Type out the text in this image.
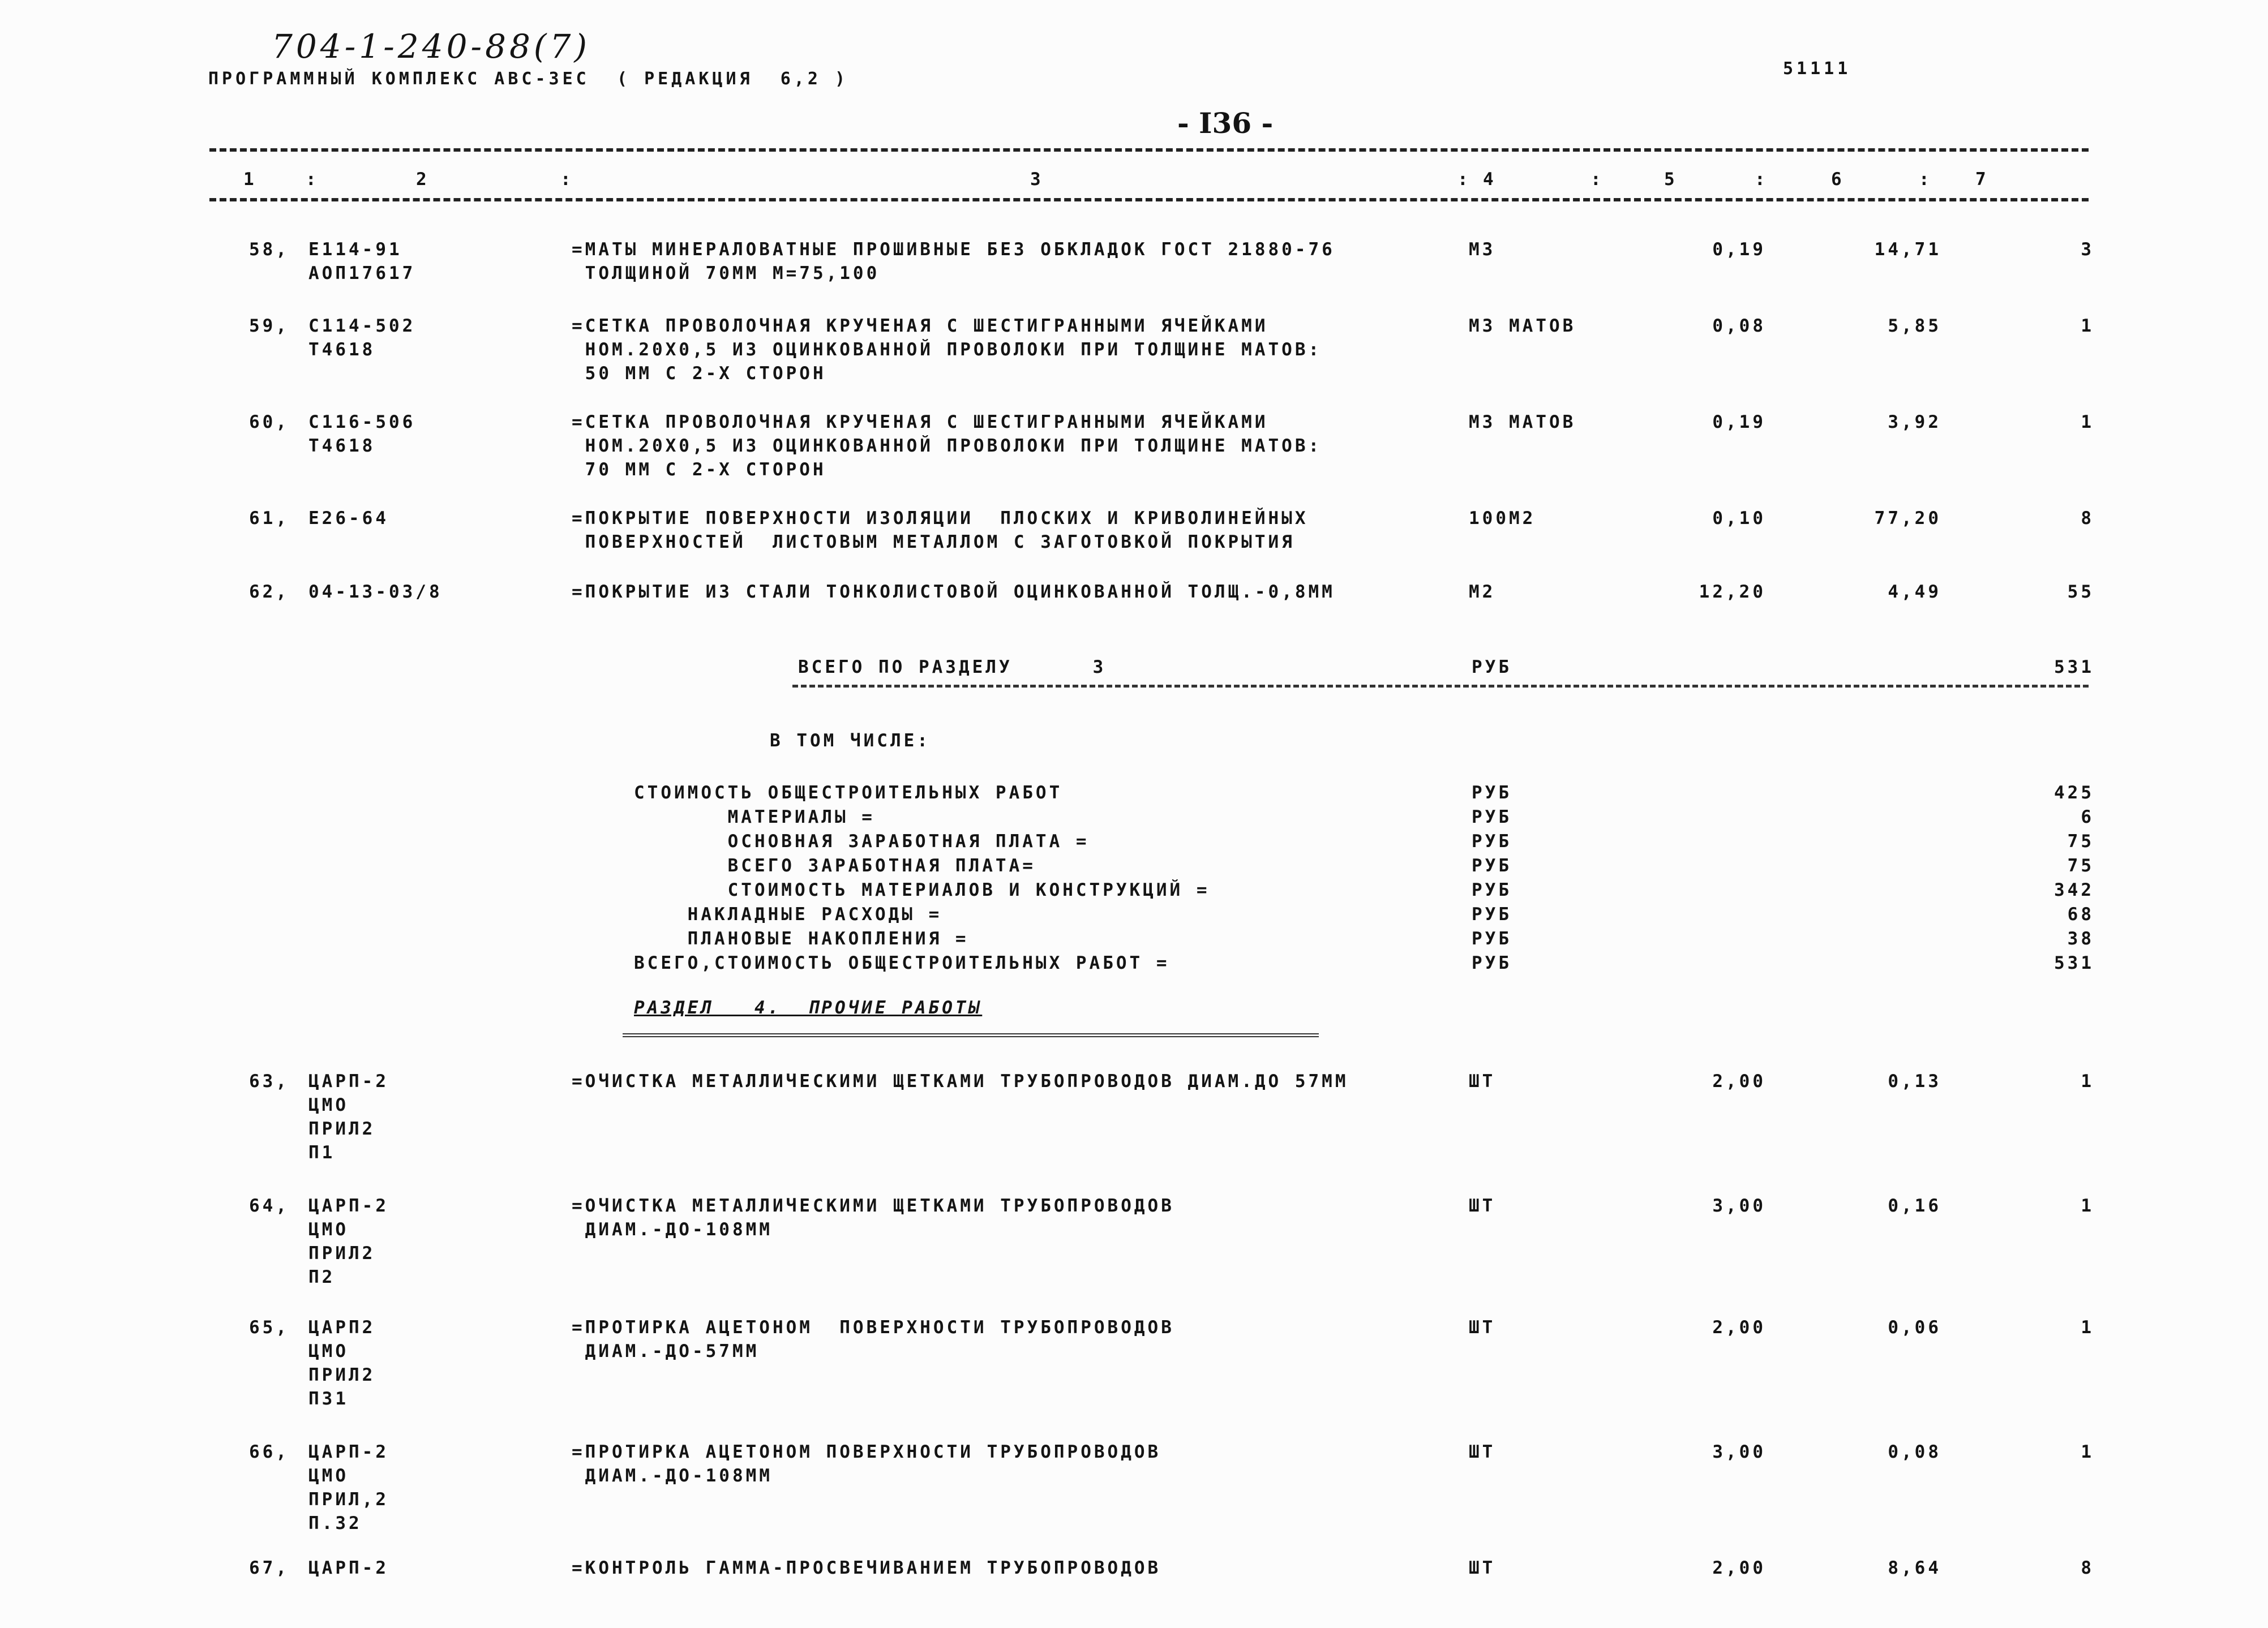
704-1-240-88(7)
ПРОГРАММНЫЙ КОМПЛЕКС АВС-ЗЕС ( РЕДАКЦИЯ  6,2 )
51111
- I36 -
1	2	3	4	5	6	7
:	:	:	:	:	:
58, Е114-91
АОП17617
=МАТЫ МИНЕРАЛОВАТНЫЕ ПРОШИВНЫЕ БЕЗ ОБКЛАДОК ГОСТ 21880-76
ТОЛЩИНОЙ 70ММ М=75,100
М3	0,19	14,71	3
59, С114-502
Т4618
=СЕТКА ПРОВОЛОЧНАЯ КРУЧЕНАЯ С ШЕСТИГРАННЫМИ ЯЧЕЙКАМИ
НОМ.20Х0,5 ИЗ ОЦИНКОВАННОЙ ПРОВОЛОКИ ПРИ ТОЛЩИНЕ МАТОВ:
50 ММ С 2-Х СТОРОН
М3 МАТОВ	0,08	5,85	1
60, С116-506
Т4618
=СЕТКА ПРОВОЛОЧНАЯ КРУЧЕНАЯ С ШЕСТИГРАННЫМИ ЯЧЕЙКАМИ
НОМ.20Х0,5 ИЗ ОЦИНКОВАННОЙ ПРОВОЛОКИ ПРИ ТОЛЩИНЕ МАТОВ:
70 ММ С 2-Х СТОРОН
М3 МАТОВ	0,19	3,92	1
61, Е26-64	=ПОКРЫТИЕ ПОВЕРХНОСТИ ИЗОЛЯЦИИ  ПЛОСКИХ И КРИВОЛИНЕЙНЫХ
ПОВЕРХНОСТЕЙ  ЛИСТОВЫМ МЕТАЛЛОМ С ЗАГОТОВКОЙ ПОКРЫТИЯ
100М2	0,10	77,20	8
62, 04-13-03/8	=ПОКРЫТИЕ ИЗ СТАЛИ ТОНКОЛИСТОВОЙ ОЦИНКОВАННОЙ ТОЛЩ.-0,8ММ	М2	12,20	4,49	55
ВСЕГО ПО РАЗДЕЛУ      3	РУБ	531
В ТОМ ЧИСЛЕ:
СТОИМОСТЬ ОБЩЕСТРОИТЕЛЬНЫХ РАБОТ	РУБ	425
МАТЕРИАЛЫ =	РУБ	6
ОСНОВНАЯ ЗАРАБОТНАЯ ПЛАТА =	РУБ	75
ВСЕГО ЗАРАБОТНАЯ ПЛАТА=	РУБ	75
СТОИМОСТЬ МАТЕРИАЛОВ И КОНСТРУКЦИЙ =	РУБ	342
НАКЛАДНЫЕ РАСХОДЫ =	РУБ	68
ПЛАНОВЫЕ НАКОПЛЕНИЯ =	РУБ	38
ВСЕГО,СТОИМОСТЬ ОБЩЕСТРОИТЕЛЬНЫХ РАБОТ =	РУБ	531
РАЗДЕЛ   4.  ПРОЧИЕ РАБОТЫ
63, ЦАРП-2
ЦМО
ПРИЛ2
П1
=ОЧИСТКА МЕТАЛЛИЧЕСКИМИ ЩЕТКАМИ ТРУБОПРОВОДОВ ДИАМ.ДО 57ММ	ШТ	2,00	0,13	1
64, ЦАРП-2
ЦМО
ПРИЛ2
П2
=ОЧИСТКА МЕТАЛЛИЧЕСКИМИ ЩЕТКАМИ ТРУБОПРОВОДОВ
ДИАМ.-ДО-108ММ
ШТ	3,00	0,16	1
65, ЦАРП2
ЦМО
ПРИЛ2
П31
=ПРОТИРКА АЦЕТОНОМ  ПОВЕРХНОСТИ ТРУБОПРОВОДОВ
ДИАМ.-ДО-57ММ
ШТ	2,00	0,06	1
66, ЦАРП-2
ЦМО
ПРИЛ,2
П.32
=ПРОТИРКА АЦЕТОНОМ ПОВЕРХНОСТИ ТРУБОПРОВОДОВ
ДИАМ.-ДО-108ММ
ШТ	3,00	0,08	1
67, ЦАРП-2	=КОНТРОЛЬ ГАММА-ПРОСВЕЧИВАНИЕМ ТРУБОПРОВОДОВ	ШТ	2,00	8,64	8
